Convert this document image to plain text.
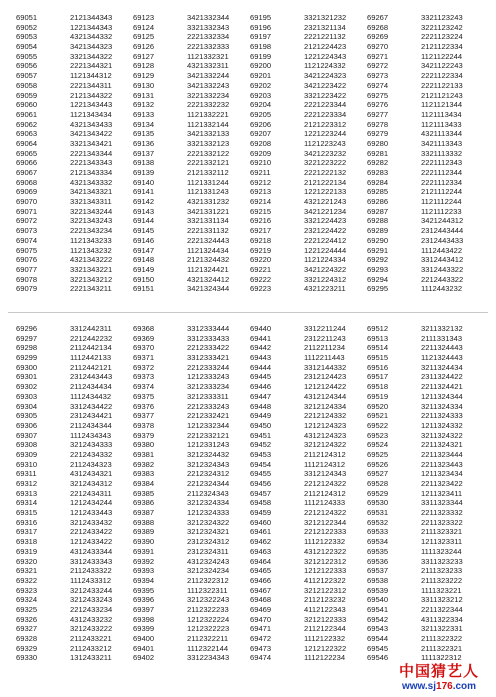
69051	2121344343
69052	1221344343
69053	4321344332
69054	3421344323
69055	3321344322
69056	2221344321
69057	1121344312
69058	2221344311
69059	2121344322
69060	1221343443
69061	1121343434
69062	4321343433
69063	3421343422
69064	3321343421
69065	2221343344
69066	2221343343
69067	2121343334
69068	4321343332
69069	3421343321
69070	3321343311
69071	3221343244
69072	3221343243
69073	2221343234
69074	1121343233
69075	1121343232
69076	4321343222
69077	3321343221
69078	3221343212
69079	2221343211
69123	3421332344
69124	3321332343
69125	2221332334
69126	2221332333
69127	1121332321
69128	4321332311
69129	3421332244
69130	3421332243
69131	3221332234
69132	2221332232
69133	1121332221
69134	1121332144
69135	3421332133
69136	3321332123
69137	2221332122
69138	2221332121
69139	2121332112
69140	1121331244
69141	1121331243
69142	4321331232
69143	3421331221
69144	3321331134
69145	2221331132
69146	2221324443
69147	1121324434
69148	2121324432
69149	1121324421
69150	4321324412
69151	3421324344
69195	3321321232
69196	2321321134
69197	2221221132
69198	2121224423
69199	1221224343
69200	1121224332
69201	3421224323
69202	3421223422
69203	3321223422
69204	2221223344
69205	2221223334
69206	2121223312
69207	1221223244
69208	1121223243
69209	3421223232
69210	3221223222
69211	2221222132
69212	2121222134
69213	1221222133
69214	4321221243
69215	3421221234
69216	3321224423
69217	2321224422
69218	2221224412
69219	1221224444
69220	1121224334
69221	3421224322
69222	3321224312
69223	4321223211
69267	3321123243
69268	3221123242
69269	2221123224
69270	2121122334
69271	1121122244
69272	3421122243
69273	2221122334
69274	2221122133
69275	2121121243
69276	1121121344
69277	1121113434
69278	1121113433
69279	4321113344
69280	3421113343
69281	3321113332
69282	2221112343
69283	2221112344
69284	2221112334
69285	2121112244
69286	1121112244
69287	1121112233
69288	3421244312
69289	2312443444
69290	2312443433
69291	1112443422
69292	3312443412
69293	3312443322
69294	2212443322
69295	1112443232
69296	3312442311
69297	2212442232
69298	2112442134
69299	1112442133
69300	2112442121
69301	2312443443
69302	2112434434
69303	1112434432
69304	3312434422
69305	2312434421
69306	2112434344
69307	1112434343
69308	3212434333
69309	2212434332
69310	2112434323
69311	4312434321
69312	3212434312
69313	2212434311
69314	1212434244
69315	1212433443
69316	3212433432
69317	2212433422
69318	1212433422
69319	4312433344
69320	3312433343
69321	2112433322
69322	1112433312
69323	3212433244
69324	3212433243
69325	2212433234
69326	4312433232
69327	3212433222
69328	2112433221
69329	2112433212
69330	1312433211
69368	3312333444
69369	3312333433
69370	2212333422
69371	3312333421
69372	2212333244
69373	1212333243
69374	3212333234
69375	3212333311
69376	2212333243
69377	2212332421
69378	1212332344
69379	2212332121
69380	1212331243
69381	3212324432
69382	3212324343
69383	2212324312
69384	2212324344
69385	2112324343
69386	3212324334
69387	1212324333
69388	3212324322
69389	3212324321
69390	2312324312
69391	2312324311
69392	4312324243
69393	3212324234
69394	2112322312
69395	1112322311
69396	3212322243
69397	2112322233
69398	1212322224
69399	1212322223
69400	2112322211
69401	1112322144
69402	3312234343
69440	3312211244
69441	2312211243
69442	2112211234
69443	1112211443
69444	3312144332
69445	2312124423
69446	1212124422
69447	4312124344
69448	3212124334
69449	2212124332
69450	1212124323
69451	4312124323
69452	3212124322
69453	2112124312
69454	1112124312
69455	3312124343
69456	2212124322
69457	2112124312
69458	1112124333
69459	2212124322
69460	3212122344
69461	2212122333
69462	1112122332
69463	4312122322
69464	3212122312
69465	1212122333
69466	4112122322
69467	3212122312
69468	2112123232
69469	4112122343
69470	3212122333
69471	2112122344
69472	1112122332
69473	1212122322
69474	1112122234
69512	3211332132
69513	2111331343
69514	2211324443
69515	1121324443
69516	3211324434
69517	2311324422
69518	2211324421
69519	1211324344
69520	3211324334
69521	2211324333
69522	1211324332
69523	3211324322
69524	2211324321
69525	2211323444
69526	2211323443
69527	1211323434
69528	2211323422
69529	1211323411
69530	3311323344
69531	2211323332
69532	2211323322
69533	2111323321
69534	1211323311
69535	1111323244
69536	3311323233
69537	2111323233
69538	2111323222
69539	1111323221
69540	3311323212
69541	2211322344
69542	4311322334
69543	3211322331
69544	2111322322
69545	2111322321
69546	1111322312
中国猜艺人
www.sj176.com
